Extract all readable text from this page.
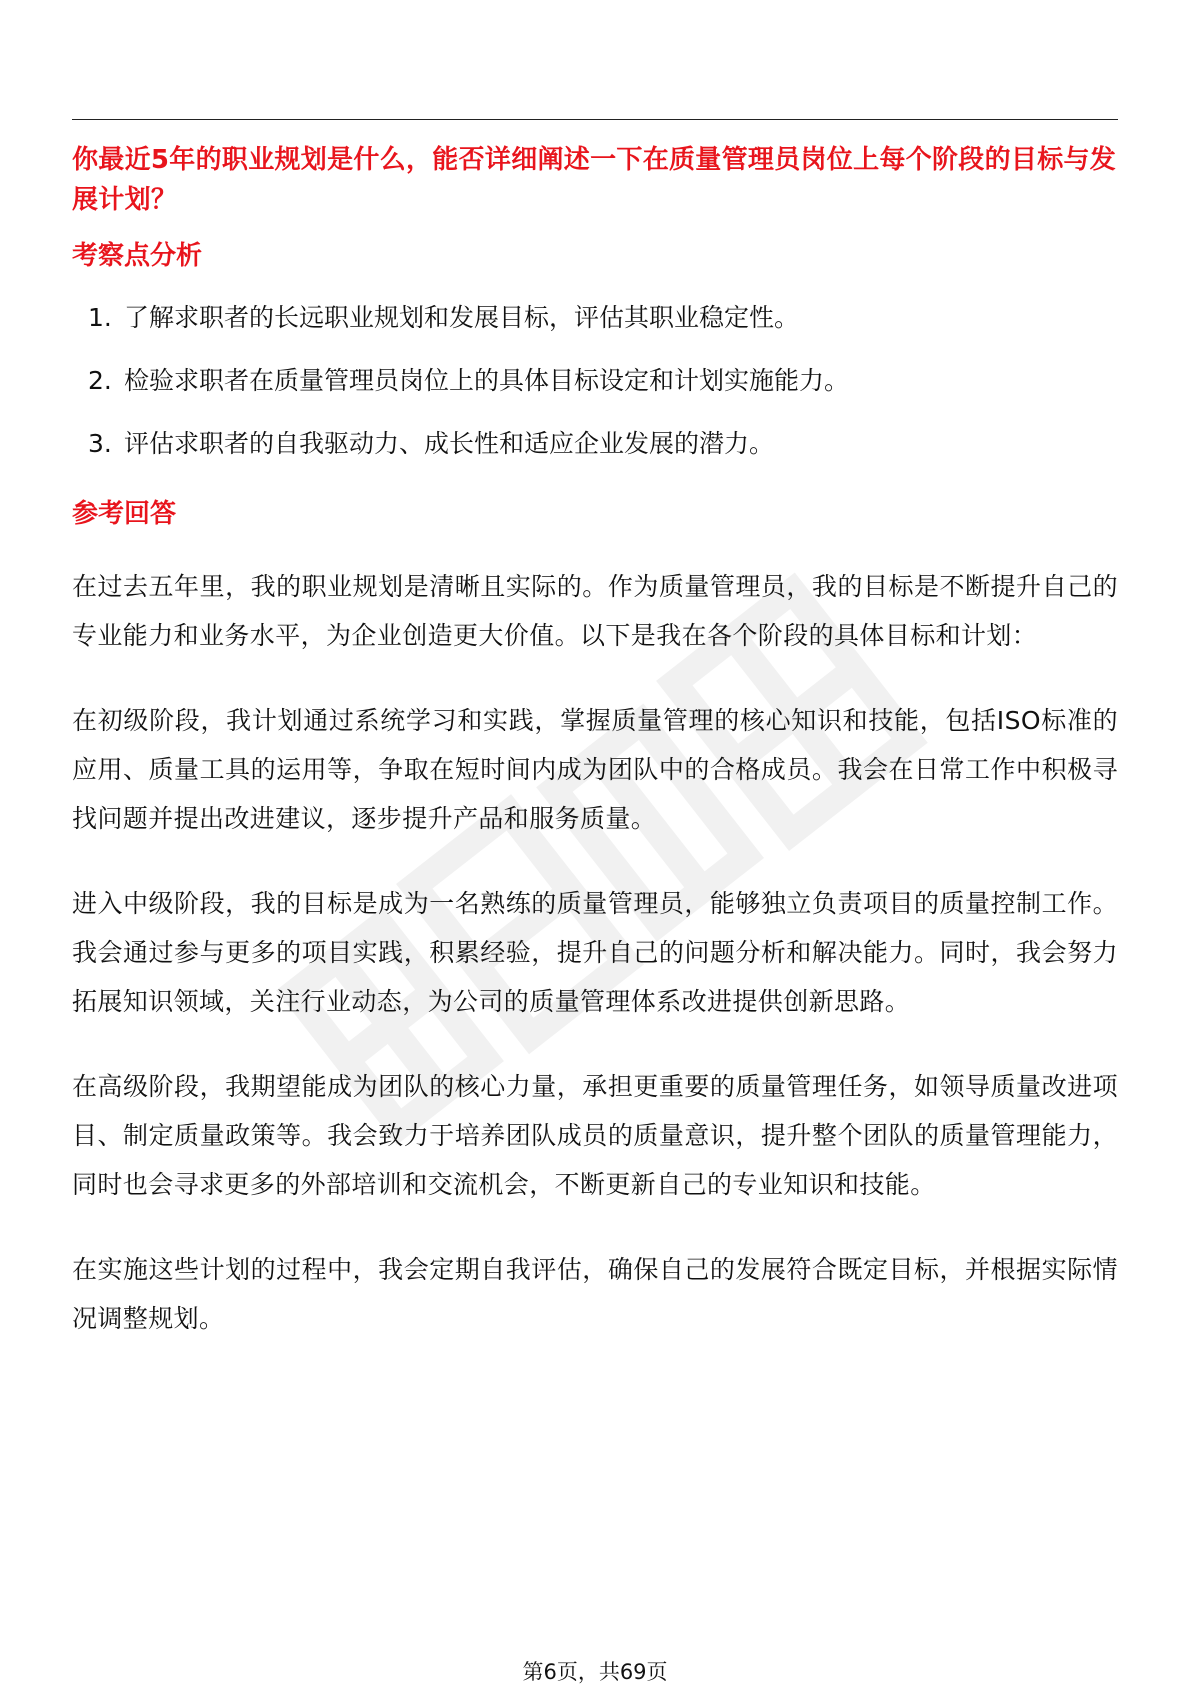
你最近5年的职业规划是什么，能否详细阐述一下在质量管理员岗位上每个阶段的目标与发展计划？

考察点分析

1. 了解求职者的长远职业规划和发展目标，评估其职业稳定性。
2. 检验求职者在质量管理员岗位上的具体目标设定和计划实施能力。
3. 评估求职者的自我驱动力、成长性和适应企业发展的潜力。

参考回答

在过去五年里，我的职业规划是清晰且实际的。作为质量管理员，我的目标是不断提升自己的专业能力和业务水平，为企业创造更大价值。以下是我在各个阶段的具体目标和计划：

在初级阶段，我计划通过系统学习和实践，掌握质量管理的核心知识和技能，包括ISO标准的应用、质量工具的运用等，争取在短时间内成为团队中的合格成员。我会在日常工作中积极寻找问题并提出改进建议，逐步提升产品和服务质量。

进入中级阶段，我的目标是成为一名熟练的质量管理员，能够独立负责项目的质量控制工作。我会通过参与更多的项目实践，积累经验，提升自己的问题分析和解决能力。同时，我会努力拓展知识领域，关注行业动态，为公司的质量管理体系改进提供创新思路。

在高级阶段，我期望能成为团队的核心力量，承担更重要的质量管理任务，如领导质量改进项目、制定质量政策等。我会致力于培养团队成员的质量意识，提升整个团队的质量管理能力，同时也会寻求更多的外部培训和交流机会，不断更新自己的专业知识和技能。

在实施这些计划的过程中，我会定期自我评估，确保自己的发展符合既定目标，并根据实际情况调整规划。

第6页，共69页
